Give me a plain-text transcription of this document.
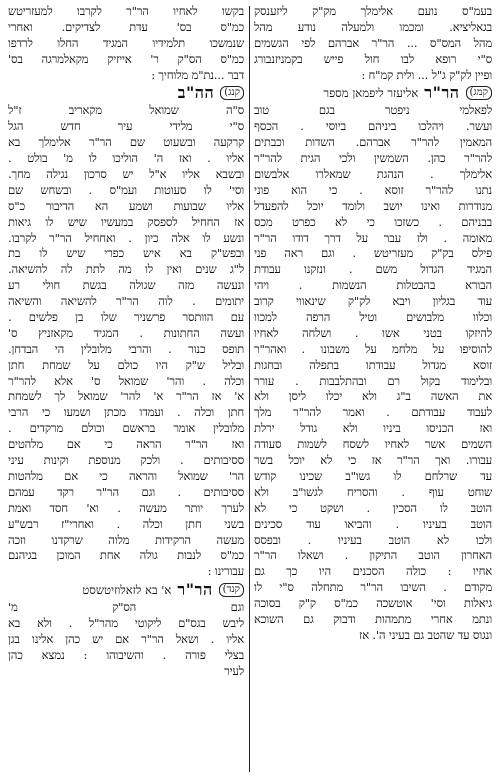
בעמ"ס נועם אלימלך מק"ק ליזענסק
בגאליציא. ומכמו ולמעלה נודע מהל
מהל המס"ס ... הר"ר אברהם לפי הגשמים
ס"י רופא לבו חול פייש בקמניזנבורג
ופיין לק"ק ג"ל ... ולית קמ"ח :
קמג)
הר"ר
אליעזר ליפמאן מספר
לפאלמי ניפטר בגם טוב
ועשר. ויהלכו ביניהם ביוסי . הכסף
המאמין להר"ר אברהם. השדות וכבתים
להר"ר כהן. השמשין ולכי הגית להר"ר
אלימלך . הנהגת שמאלרו אלבשום
נתנו להר"ר זוסא . כי הוא פוני
מנודרות ואינו יושב ולומד יוכל להפעדל
בבניהם . כשזכו כי לא כפרט מכס
מאומה . ולז עבר על דרך דודו הר"ר
פילס בק"ק מעזריטש . וגם ראה פני
המגיד הגדול משם . ונזקנו עבודת
הבורא בהבטלות הנשמות . ויהי
עוד בגליון ויבא לק"ק שינאווי קרוב
וכלוו מלבושים וטיל הרפה למכוו
להיזקו בטני אשו . ושלחה לאחיו
להוסיפו על מלחמ על משבונו . ואהר"ר
זוסא מגדול עבודתו בתפלה ובחגות
ובלימוד בקול רם ובהתלבבות . עורר
את האשה ב"ג ולא יכלו ליסן ולא
לעבוד עבודתם . ואמר להר"ר מלך
ואז הכניסו ביניו ולא גודל ירלת
השמים אשר לאחיו לשסח לשמות סעודה
עבורו. ואך הר"ר אז כי לא יוכל בשר
עד שרלחם לו גשו"ב שכינו קודש
שוחט עוף . והסריח לגשו"ב ולא
הוטב לו הסכין . ושקט כי לא
הוטב בעיניו . והביאו עוד סכינים
ולכו לא הוטב בעיניו . ובפסס
האחרון הוטב התיקון . ושאלו הר"ר
אחיו : כולה הסכנים היו כך גם
מקודם . השיבו הר"ר מתחלה ס"י לו
גיאלות וסי' אוטשכה כמ"ס ק"ק בסוכה
ונתמ אחרי מתמהות ודבוק גם השוכא
ונגוס עד שהטב גם בעיני ה'. אז
בקשו לאחיו הר"ר לקרבו למעזריטש
כמ"ס בס' עדת לצדיקים. ואחרי
שנמשכו תלמידיו המגיד החלו לרדפו
כמ"ס הס"ק ר' אייזיק מקאלמרגה בס'
דבר ...נת"מ מלוחיך :
קנג)
הה"ב
ס"ה שמואל מקאריב ז"ל
ס"י מלידי עיר חדש הגל
קרקעה ובשעוט שם הר"ר אלימלך בא
אליו . ואז ה' הוליכו לו מ' בולט .
ובשבא אליו א"ל יש סרכון נגילה מחך.
וסי' לו סעוטות ועמ"ס . ובשחש שם
אליו שבועות ושמע הא הדיבור כ"ס
אז החחיל לספסק במעשיו שיש לו גיאות
ונשע לו אלה כיון . ואחחיל הר"ר לקרבו.
ובפש"ק בא איש כפרי שיש לו בת
ל"ג שנים ואין לו מה לתת לה להשיאה.
ונעשה מזה שגולה בגשת חולי רע
יתומים . לוה הר"ר להשיאה והשיאה
עם הוותסר פרשניר שלו בן פלשים .
ועשה החתונות . המגיד מקאזניץ ס'
תופס כנור . והרבי מלובלין הי הבדחן.
ובליל ש"ק היו כולם על שמחת חתן
וכלה . והר' שמואל ס' אלא להר"ר
א' אז הר"ר א' להר' שמואל לך לשמחת
חתן וכלה . ועמדו מכתן ושמעו כי הרבי
מלובלין אומר בראשם וכולם מרקדים .
ואז הר"ר הראה כי אם מלהטים
ססיבותים . ולכק מנוספת וקינות עיני
הר' שמואל והראה כי אם מלהטות
ססיבותים . וגם הר"ר רקד עמהם
לערך יותר מעשה . וא' חסד ואמת
בשני חתן וכלה . ואחרי"ז רבש"ע
מעשה הרקידות מלוה שרקדנו וזכה
כמ"ס לנבות גולה אחת המוכן בגיהנם
עבורינו :
קנד)
הר"ר
א' בא לזאלוזיטשסט
וגם הס"ק מ'
ליבש בגס"ם ליקוטי מהר"ל . ולא בא
אליו . ושאל הר"ר אם יש כהן אלינו בגן
בצלי פורה . והשיבוהו : נמצא כהן
לעיר
